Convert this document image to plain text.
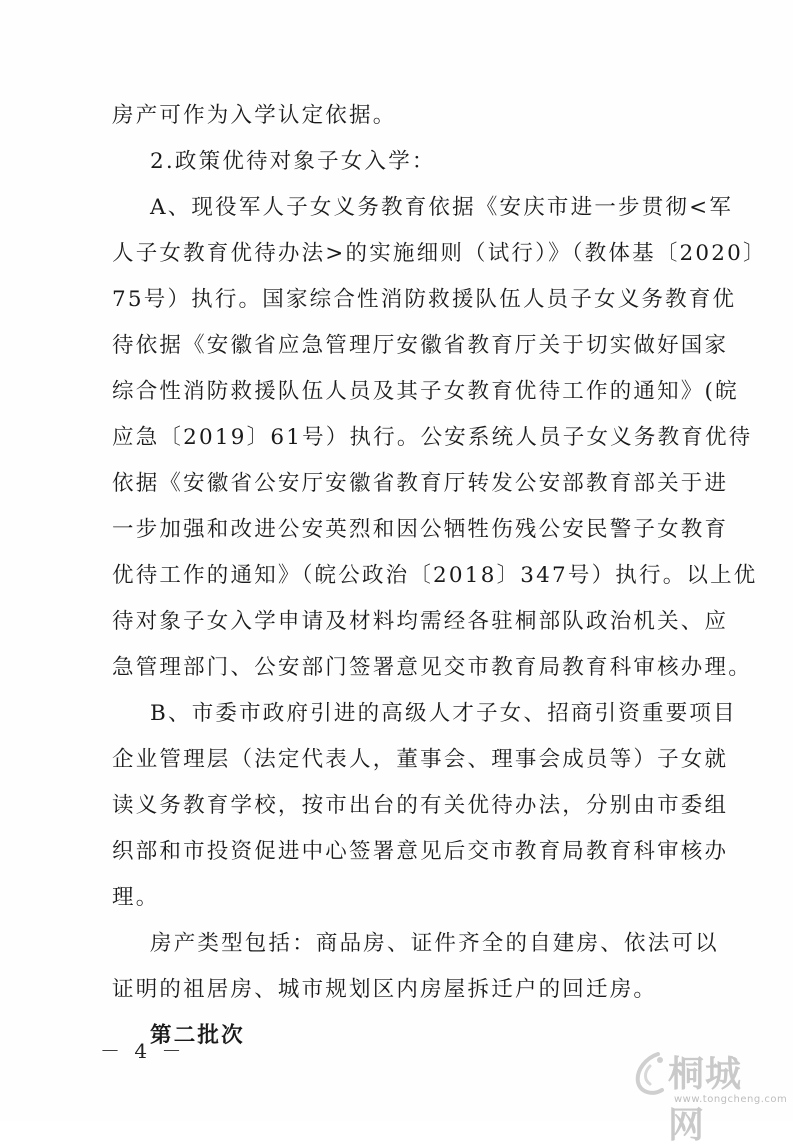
房产可作为入学认定依据。
2.政策优待对象子女入学：
A、现役军人子女义务教育依据《安庆市进一步贯彻<军
人子女教育优待办法>的实施细则（试行）》（教体基〔2020〕
75号）执行。国家综合性消防救援队伍人员子女义务教育优
待依据《安徽省应急管理厅安徽省教育厅关于切实做好国家
综合性消防救援队伍人员及其子女教育优待工作的通知》(皖
应急〔2019〕61号）执行。公安系统人员子女义务教育优待
依据《安徽省公安厅安徽省教育厅转发公安部教育部关于进
一步加强和改进公安英烈和因公牺牲伤残公安民警子女教育
优待工作的通知》（皖公政治〔2018〕347号）执行。以上优
待对象子女入学申请及材料均需经各驻桐部队政治机关、应
急管理部门、公安部门签署意见交市教育局教育科审核办理。
B、市委市政府引进的高级人才子女、招商引资重要项目
企业管理层（法定代表人，董事会、理事会成员等）子女就
读义务教育学校，按市出台的有关优待办法，分别由市委组
织部和市投资促进中心签署意见后交市教育局教育科审核办
理。
房产类型包括：商品房、证件齐全的自建房、依法可以
证明的祖居房、城市规划区内房屋拆迁户的回迁房。
第二批次
－ 4 －
桐城网
www.tongcheng.com
